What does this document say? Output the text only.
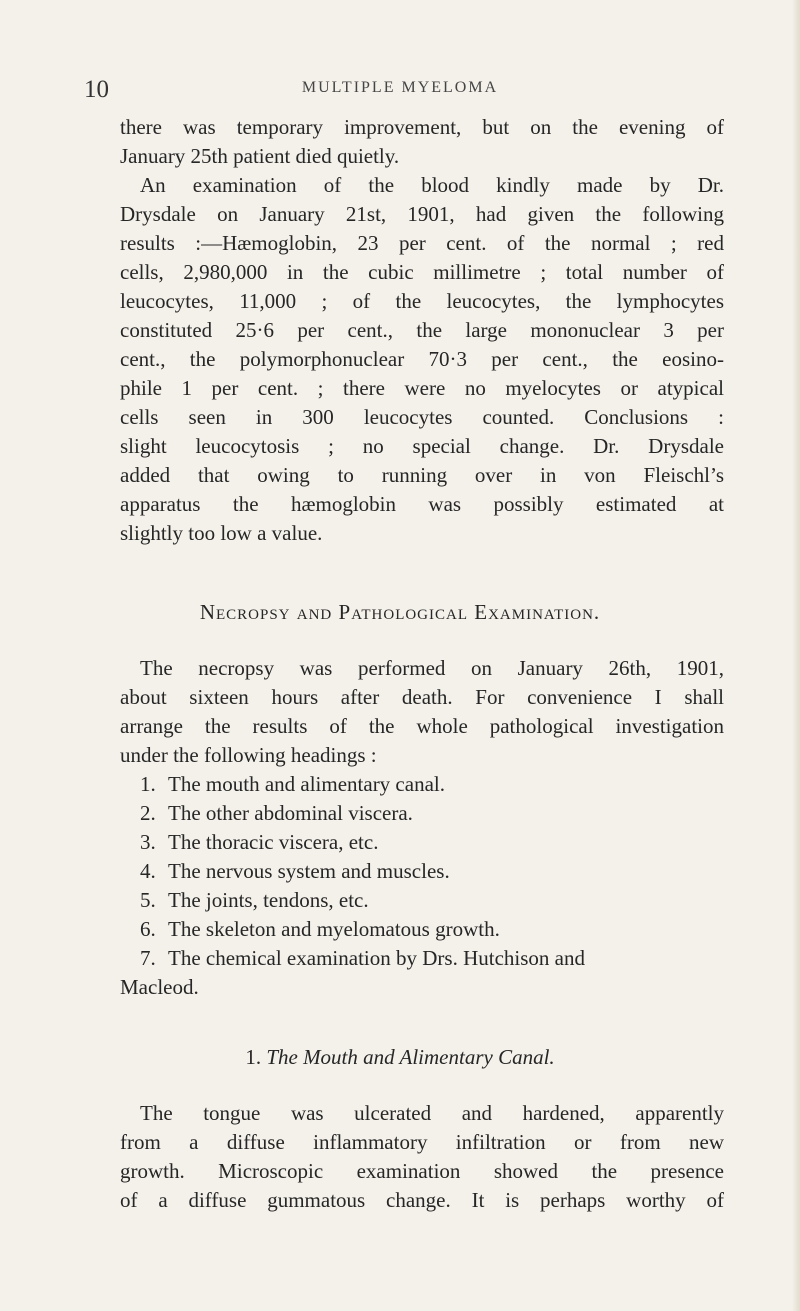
10	MULTIPLE MYELOMA
there was temporary improvement, but on the evening of
January 25th patient died quietly.
An examination of the blood kindly made by Dr.
Drysdale on January 21st, 1901, had given the following
results :—Hæmoglobin, 23 per cent. of the normal ; red
cells, 2,980,000 in the cubic millimetre ; total number of
leucocytes, 11,000 ; of the leucocytes, the lymphocytes
constituted 25·6 per cent., the large mononuclear 3 per
cent., the polymorphonuclear 70·3 per cent., the eosino-
phile 1 per cent. ; there were no myelocytes or atypical
cells seen in 300 leucocytes counted. Conclusions :
slight leucocytosis ; no special change. Dr. Drysdale
added that owing to running over in von Fleischl’s
apparatus the hæmoglobin was possibly estimated at
slightly too low a value.
Necropsy and Pathological Examination.
The necropsy was performed on January 26th, 1901,
about sixteen hours after death. For convenience I shall
arrange the results of the whole pathological investigation
under the following headings :
1. The mouth and alimentary canal.
2. The other abdominal viscera.
3. The thoracic viscera, etc.
4. The nervous system and muscles.
5. The joints, tendons, etc.
6. The skeleton and myelomatous growth.
7. The chemical examination by Drs. Hutchison and
Macleod.
1. The Mouth and Alimentary Canal.
The tongue was ulcerated and hardened, apparently
from a diffuse inflammatory infiltration or from new
growth. Microscopic examination showed the presence
of a diffuse gummatous change. It is perhaps worthy of
